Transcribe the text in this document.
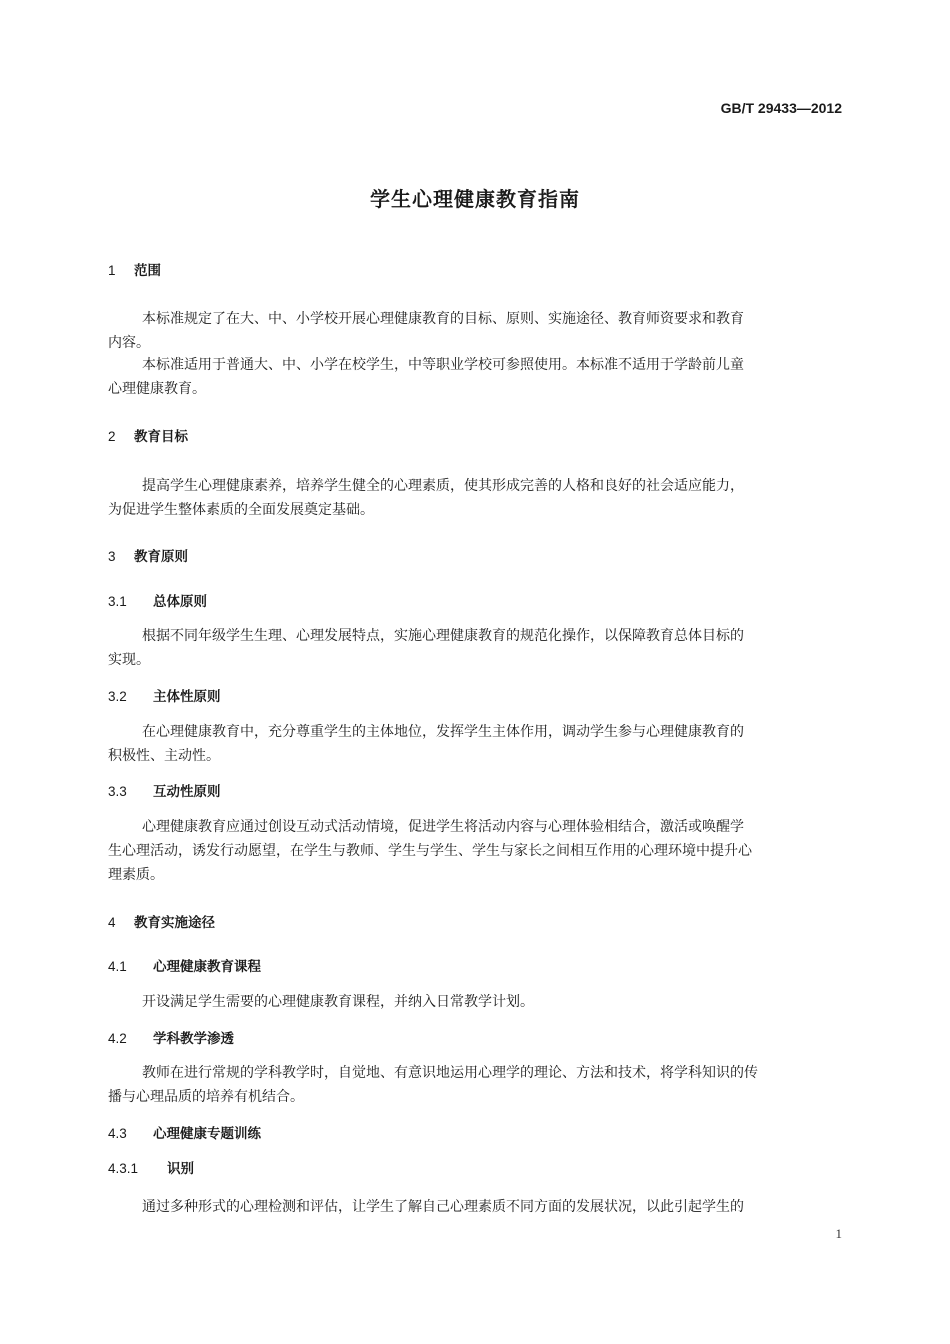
GB/T 29433—2012
学生心理健康教育指南
1 范围
本标准规定了在大、中、小学校开展心理健康教育的目标、原则、实施途径、教育师资要求和教育
内容。
本标准适用于普通大、中、小学在校学生，中等职业学校可参照使用。本标准不适用于学龄前儿童
心理健康教育。
2 教育目标
提高学生心理健康素养，培养学生健全的心理素质，使其形成完善的人格和良好的社会适应能力，
为促进学生整体素质的全面发展奠定基础。
3 教育原则
3.1 总体原则
根据不同年级学生生理、心理发展特点，实施心理健康教育的规范化操作，以保障教育总体目标的
实现。
3.2 主体性原则
在心理健康教育中，充分尊重学生的主体地位，发挥学生主体作用，调动学生参与心理健康教育的
积极性、主动性。
3.3 互动性原则
心理健康教育应通过创设互动式活动情境，促进学生将活动内容与心理体验相结合，激活或唤醒学
生心理活动，诱发行动愿望，在学生与教师、学生与学生、学生与家长之间相互作用的心理环境中提升心
理素质。
4 教育实施途径
4.1 心理健康教育课程
开设满足学生需要的心理健康教育课程，并纳入日常教学计划。
4.2 学科教学渗透
教师在进行常规的学科教学时，自觉地、有意识地运用心理学的理论、方法和技术，将学科知识的传
播与心理品质的培养有机结合。
4.3 心理健康专题训练
4.3.1 识别
通过多种形式的心理检测和评估，让学生了解自己心理素质不同方面的发展状况，以此引起学生的
1
